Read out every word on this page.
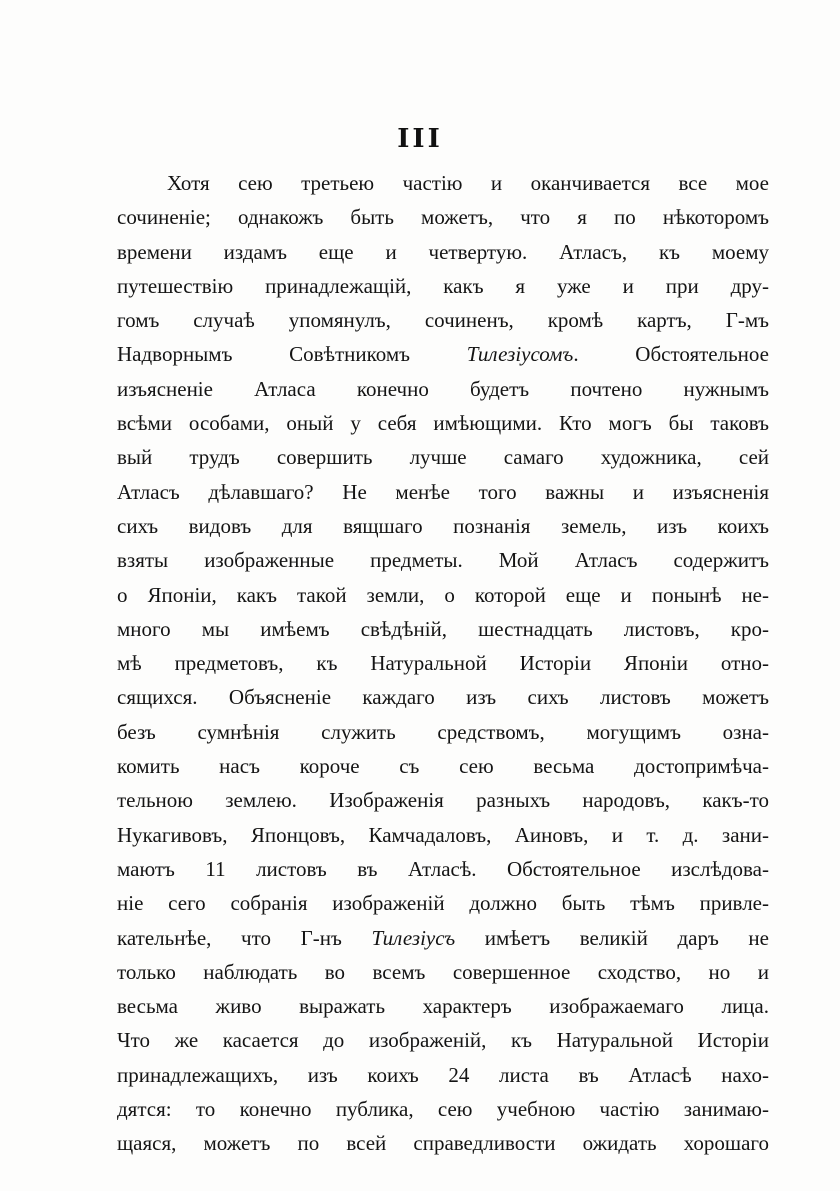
III
Хотя сею третьею частію и оканчивается все мое
сочиненіе; однакожъ быть можетъ, что я по нѣкоторомъ
времени издамъ еще и четвертую. Атласъ, къ моему
путешествію принадлежащій, какъ я уже и при дру-
гомъ случаѣ упомянулъ, сочиненъ, кромѣ картъ, Г-мъ
Надворнымъ Совѣтникомъ Тилезіусомъ. Обстоятельное
изъясненіе Атласа конечно будетъ почтено нужнымъ
всѣми особами, оный у себя имѣющими. Кто могъ бы таковъ
вый трудъ совершить лучше самаго художника, сей
Атласъ дѣлавшаго? Не менѣе того важны и изъясненія
сихъ видовъ для вящшаго познанія земель, изъ коихъ
взяты изображенные предметы. Мой Атласъ содержитъ
о Японіи, какъ такой земли, о которой еще и понынѣ не-
много мы имѣемъ свѣдѣній, шестнадцать листовъ, кро-
мѣ предметовъ, къ Натуральной Исторіи Японіи отно-
сящихся. Объясненіе каждаго изъ сихъ листовъ можетъ
безъ сумнѣнія служить средствомъ, могущимъ озна-
комить насъ короче съ сею весьма достопримѣча-
тельною землею. Изображенія разныхъ народовъ, какъ-то
Нукагивовъ, Японцовъ, Камчадаловъ, Аиновъ, и т. д. зани-
маютъ 11 листовъ въ Атласѣ. Обстоятельное изслѣдова-
ніе сего собранія изображеній должно быть тѣмъ привле-
кательнѣе, что Г-нъ Тилезіусъ имѣетъ великій даръ не
только наблюдать во всемъ совершенное сходство, но и
весьма живо выражать характеръ изображаемаго лица.
Что же касается до изображеній, къ Натуральной Исторіи
принадлежащихъ, изъ коихъ 24 листа въ Атласѣ нахо-
дятся: то конечно публика, сею учебною частію занимаю-
щаяся, можетъ по всей справедливости ожидать хорошаго
